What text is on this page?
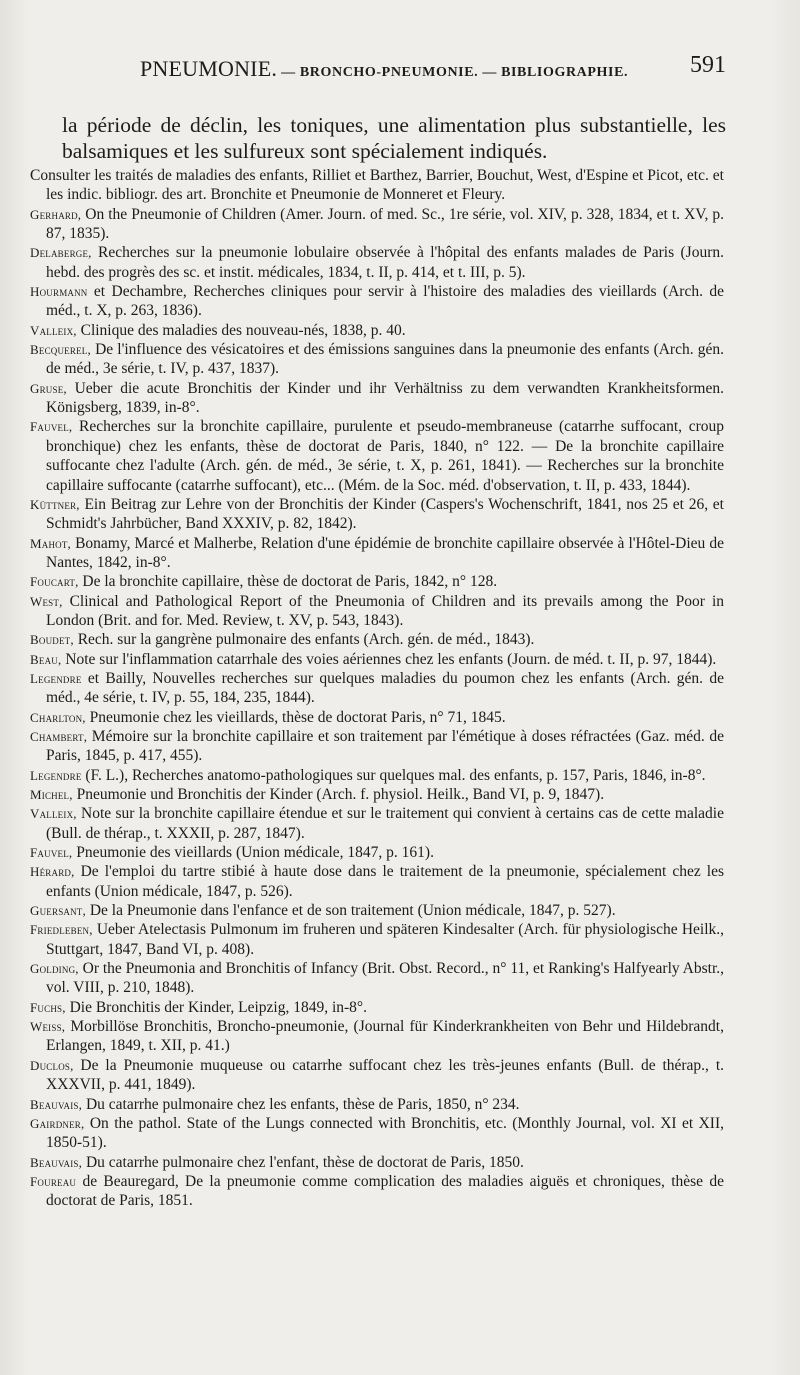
PNEUMONIE. — BRONCHO-PNEUMONIE. — BIBLIOGRAPHIE.	591

la période de déclin, les toniques, une alimentation plus substantielle, les balsamiques et les sulfureux sont spécialement indiqués.

Consulter les traités de maladies des enfants, Rilliet et Barthez, Barrier, Bouchut, West, d'Espine et Picot, etc. et les indic. bibliogr. des art. Bronchite et Pneumonie de Monneret et Fleury.

Gerhard, On the Pneumonie of Children (Amer. Journ. of med. Sc., 1re série, vol. XIV, p. 328, 1834, et t. XV, p. 87, 1835).

Delaberge, Recherches sur la pneumonie lobulaire observée à l'hôpital des enfants malades de Paris (Journ. hebd. des progrès des sc. et instit. médicales, 1834, t. II, p. 414, et t. III, p. 5).

Hourmann et Dechambre, Recherches cliniques pour servir à l'histoire des maladies des vieillards (Arch. de méd., t. X, p. 263, 1836).

Valleix, Clinique des maladies des nouveau-nés, 1838, p. 40.

Becquerel, De l'influence des vésicatoires et des émissions sanguines dans la pneumonie des enfants (Arch. gén. de méd., 3e série, t. IV, p. 437, 1837).

Gruse, Ueber die acute Bronchitis der Kinder und ihr Verhältniss zu dem verwandten Krankheitsformen. Königsberg, 1839, in-8°.

Fauvel, Recherches sur la bronchite capillaire, purulente et pseudo-membraneuse (catarrhe suffocant, croup bronchique) chez les enfants, thèse de doctorat de Paris, 1840, n° 122. — De la bronchite capillaire suffocante chez l'adulte (Arch. gén. de méd., 3e série, t. X, p. 261, 1841). — Recherches sur la bronchite capillaire suffocante (catarrhe suffocant), etc... (Mém. de la Soc. méd. d'observation, t. II, p. 433, 1844).

Küttner, Ein Beitrag zur Lehre von der Bronchitis der Kinder (Caspers's Wochenschrift, 1841, nos 25 et 26, et Schmidt's Jahrbücher, Band XXXIV, p. 82, 1842).

Mahot, Bonamy, Marcé et Malherbe, Relation d'une épidémie de bronchite capillaire observée à l'Hôtel-Dieu de Nantes, 1842, in-8°.

Foucart, De la bronchite capillaire, thèse de doctorat de Paris, 1842, n° 128.

West, Clinical and Pathological Report of the Pneumonia of Children and its prevails among the Poor in London (Brit. and for. Med. Review, t. XV, p. 543, 1843).

Boudet, Rech. sur la gangrène pulmonaire des enfants (Arch. gén. de méd., 1843).

Beau, Note sur l'inflammation catarrhale des voies aériennes chez les enfants (Journ. de méd. t. II, p. 97, 1844).

Legendre et Bailly, Nouvelles recherches sur quelques maladies du poumon chez les enfants (Arch. gén. de méd., 4e série, t. IV, p. 55, 184, 235, 1844).

Charlton, Pneumonie chez les vieillards, thèse de doctorat Paris, n° 71, 1845.

Chambert, Mémoire sur la bronchite capillaire et son traitement par l'émétique à doses réfractées (Gaz. méd. de Paris, 1845, p. 417, 455).

Legendre (F. L.), Recherches anatomo-pathologiques sur quelques mal. des enfants, p. 157, Paris, 1846, in-8°.

Michel, Pneumonie und Bronchitis der Kinder (Arch. f. physiol. Heilk., Band VI, p. 9, 1847).

Valleix, Note sur la bronchite capillaire étendue et sur le traitement qui convient à certains cas de cette maladie (Bull. de thérap., t. XXXII, p. 287, 1847).

Fauvel, Pneumonie des vieillards (Union médicale, 1847, p. 161).

Hérard, De l'emploi du tartre stibié à haute dose dans le traitement de la pneumonie, spécialement chez les enfants (Union médicale, 1847, p. 526).

Guersant, De la Pneumonie dans l'enfance et de son traitement (Union médicale, 1847, p. 527).

Friedleben, Ueber Atelectasis Pulmonum im fruheren und späteren Kindesalter (Arch. für physiologische Heilk., Stuttgart, 1847, Band VI, p. 408).

Golding, Or the Pneumonia and Bronchitis of Infancy (Brit. Obst. Record., n° 11, et Ranking's Halfyearly Abstr., vol. VIII, p. 210, 1848).

Fuchs, Die Bronchitis der Kinder, Leipzig, 1849, in-8°.

Weiss, Morbillöse Bronchitis, Broncho-pneumonie, (Journal für Kinderkrankheiten von Behr und Hildebrandt, Erlangen, 1849, t. XII, p. 41.)

Duclos, De la Pneumonie muqueuse ou catarrhe suffocant chez les très-jeunes enfants (Bull. de thérap., t. XXXVII, p. 441, 1849).

Beauvais, Du catarrhe pulmonaire chez les enfants, thèse de Paris, 1850, n° 234.

Gairdner, On the pathol. State of the Lungs connected with Bronchitis, etc. (Monthly Journal, vol. XI et XII, 1850-51).

Beauvais, Du catarrhe pulmonaire chez l'enfant, thèse de doctorat de Paris, 1850.

Foureau de Beauregard, De la pneumonie comme complication des maladies aiguës et chroniques, thèse de doctorat de Paris, 1851.
